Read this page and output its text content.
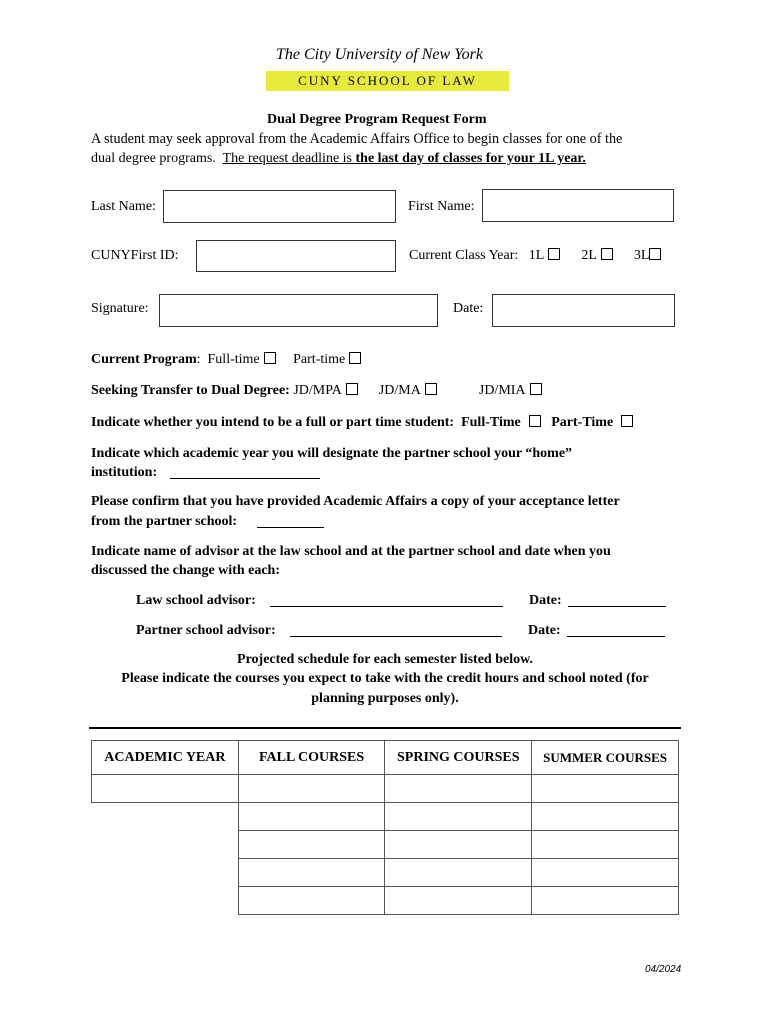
The City University of New York
CUNY SCHOOL OF LAW
Dual Degree Program Request Form
A student may seek approval from the Academic Affairs Office to begin classes for one of the
dual degree programs. The request deadline is the last day of classes for your 1L year.
Last Name:	First Name:
CUNYFirst ID:	Current Class Year: 1L	2L	3L
Signature:	Date:
Current Program: Full-time Part-time
Seeking Transfer to Dual Degree: JD/MPA	JD/MA	JD/MIA
Indicate whether you intend to be a full or part time student: Full-Time Part-Time
Indicate which academic year you will designate the partner school your “home”
institution:
Please confirm that you have provided Academic Affairs a copy of your acceptance letter
from the partner school:
Indicate name of advisor at the law school and at the partner school and date when you
discussed the change with each:
Law school advisor:	Date:
Partner school advisor:	Date:
Projected schedule for each semester listed below.
Please indicate the courses you expect to take with the credit hours and school noted (for
planning purposes only).
ACADEMIC YEAR	FALL COURSES	SPRING COURSES	SUMMER COURSES

04/2024
